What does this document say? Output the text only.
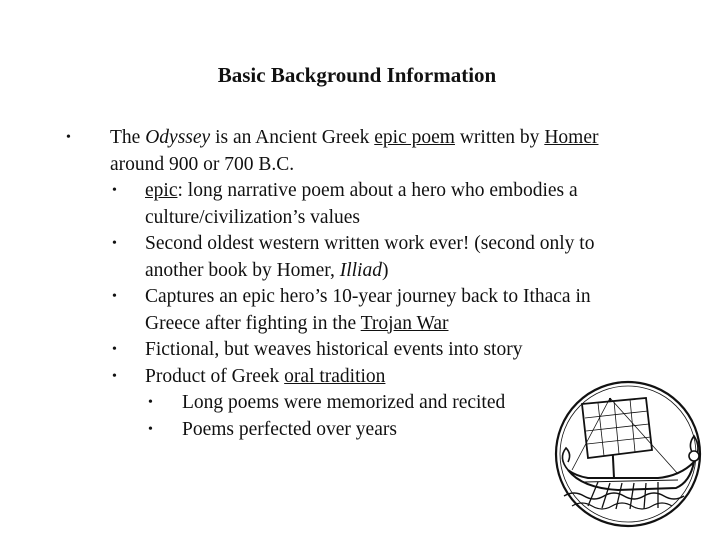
Basic Background Information
• The Odyssey is an Ancient Greek epic poem written by Homer around 900 or 700 B.C.
• epic: long narrative poem about a hero who embodies a culture/civilization’s values
• Second oldest western written work ever! (second only to another book by Homer, Illiad)
• Captures an epic hero’s 10-year journey back to Ithaca in Greece after fighting in the Trojan War
• Fictional, but weaves historical events into story
• Product of Greek oral tradition
• Long poems were memorized and recited
• Poems perfected over years
